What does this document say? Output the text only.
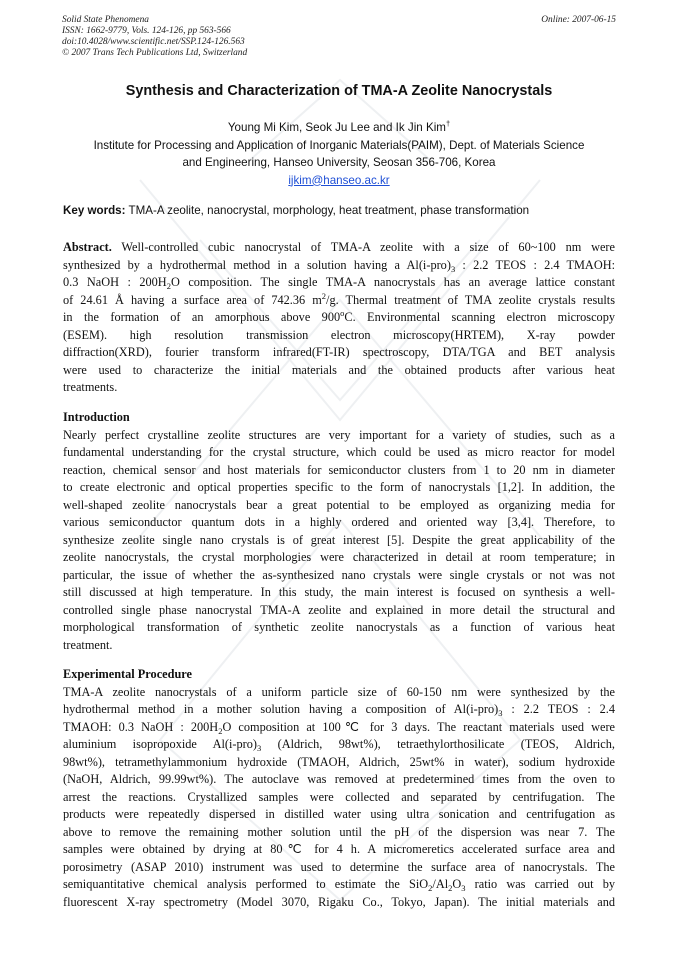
Solid State Phenomena
ISSN: 1662-9779, Vols. 124-126, pp 563-566
doi:10.4028/www.scientific.net/SSP.124-126.563
© 2007 Trans Tech Publications Ltd, Switzerland
Online: 2007-06-15
Synthesis and Characterization of TMA-A Zeolite Nanocrystals
Young Mi Kim, Seok Ju Lee and Ik Jin Kim†
Institute for Processing and Application of Inorganic Materials(PAIM), Dept. of Materials Science
and Engineering, Hanseo University, Seosan 356-706, Korea
ijkim@hanseo.ac.kr
Key words: TMA-A zeolite, nanocrystal, morphology, heat treatment, phase transformation
Abstract. Well-controlled cubic nanocrystal of TMA-A zeolite with a size of 60~100 nm were
synthesized by a hydrothermal method in a solution having a $Al(i-pro)_3$ : 2.2 TEOS : 2.4 TMAOH:
0.3 NaOH : $200H_2O$ composition. The single TMA-A nanocrystals has an average lattice constant
of 24.61 Å having a surface area of 742.36 $m^2/g$. Thermal treatment of TMA zeolite crystals results
in the formation of an amorphous above 900$^o$C. Environmental scanning electron microscopy
(ESEM). high resolution transmission electron microscopy(HRTEM), X-ray powder
diffraction(XRD), fourier transform infrared(FT-IR) spectroscopy, DTA/TGA and BET analysis
were used to characterize the initial materials and the obtained products after various heat
treatments.
Introduction
Nearly perfect crystalline zeolite structures are very important for a variety of studies, such as a
fundamental understanding for the crystal structure, which could be used as micro reactor for model
reaction, chemical sensor and host materials for semiconductor clusters from 1 to 20 nm in diameter
to create electronic and optical properties specific to the form of nanocrystals [1,2]. In addition, the
well-shaped zeolite nanocrystals bear a great potential to be employed as organizing media for
various semiconductor quantum dots in a highly ordered and oriented way [3,4]. Therefore, to
synthesize zeolite single nano crystals is of great interest [5]. Despite the great applicability of the
zeolite nanocrystals, the crystal morphologies were characterized in detail at room temperature; in
particular, the issue of whether the as-synthesized nano crystals were single crystals or not was not
still discussed at high temperature. In this study, the main interest is focused on synthesis a well-
controlled single phase nanocrystal TMA-A zeolite and explained in more detail the structural and
morphological transformation of synthetic zeolite nanocrystals as a function of various heat
treatment.
Experimental Procedure
TMA-A zeolite nanocrystals of a uniform particle size of 60-150 nm were synthesized by the
hydrothermal method in a mother solution having a composition of $Al(i-pro)_3$ : 2.2 TEOS : 2.4
TMAOH: 0.3 NaOH : $200H_2O$ composition at 100℃ for 3 days. The reactant materials used were
aluminium isopropoxide $Al(i-pro)_3$ (Aldrich, 98wt%), tetraethylorthosilicate (TEOS, Aldrich,
98wt%), tetramethylammonium hydroxide (TMAOH, Aldrich, 25wt% in water), sodium hydroxide
(NaOH, Aldrich, 99.99wt%). The autoclave was removed at predetermined times from the oven to
arrest the reactions. Crystallized samples were collected and separated by centrifugation. The
products were repeatedly dispersed in distilled water using ultra sonication and centrifugation as
above to remove the remaining mother solution until the pH of the dispersion was near 7. The
samples were obtained by drying at 80℃ for 4 h. A micromeretics accelerated surface area and
porosimetry (ASAP 2010) instrument was used to determine the surface area of nanocrystals. The
semiquantitative chemical analysis performed to estimate the $SiO_2/Al_2O_3$ ratio was carried out by
fluorescent X-ray spectrometry (Model 3070, Rigaku Co., Tokyo, Japan). The initial materials and
